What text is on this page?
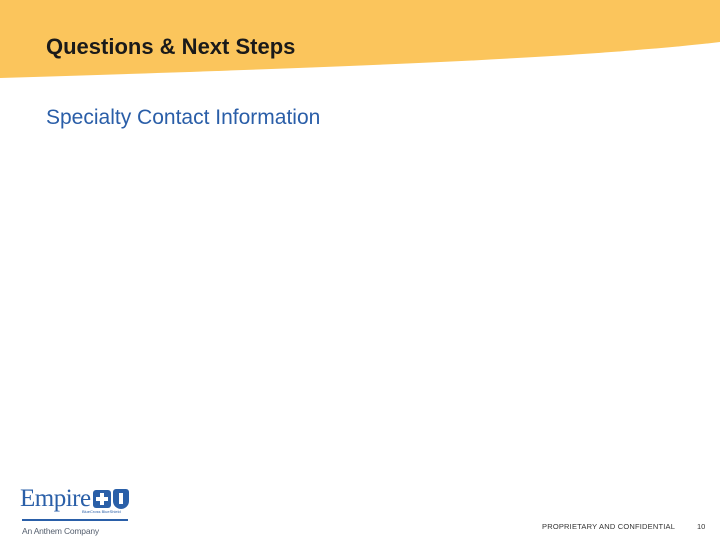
Questions & Next Steps
Specialty Contact Information
Empire
BlueCross BlueShield
An Anthem Company	PROPRIETARY AND CONFIDENTIAL	10
